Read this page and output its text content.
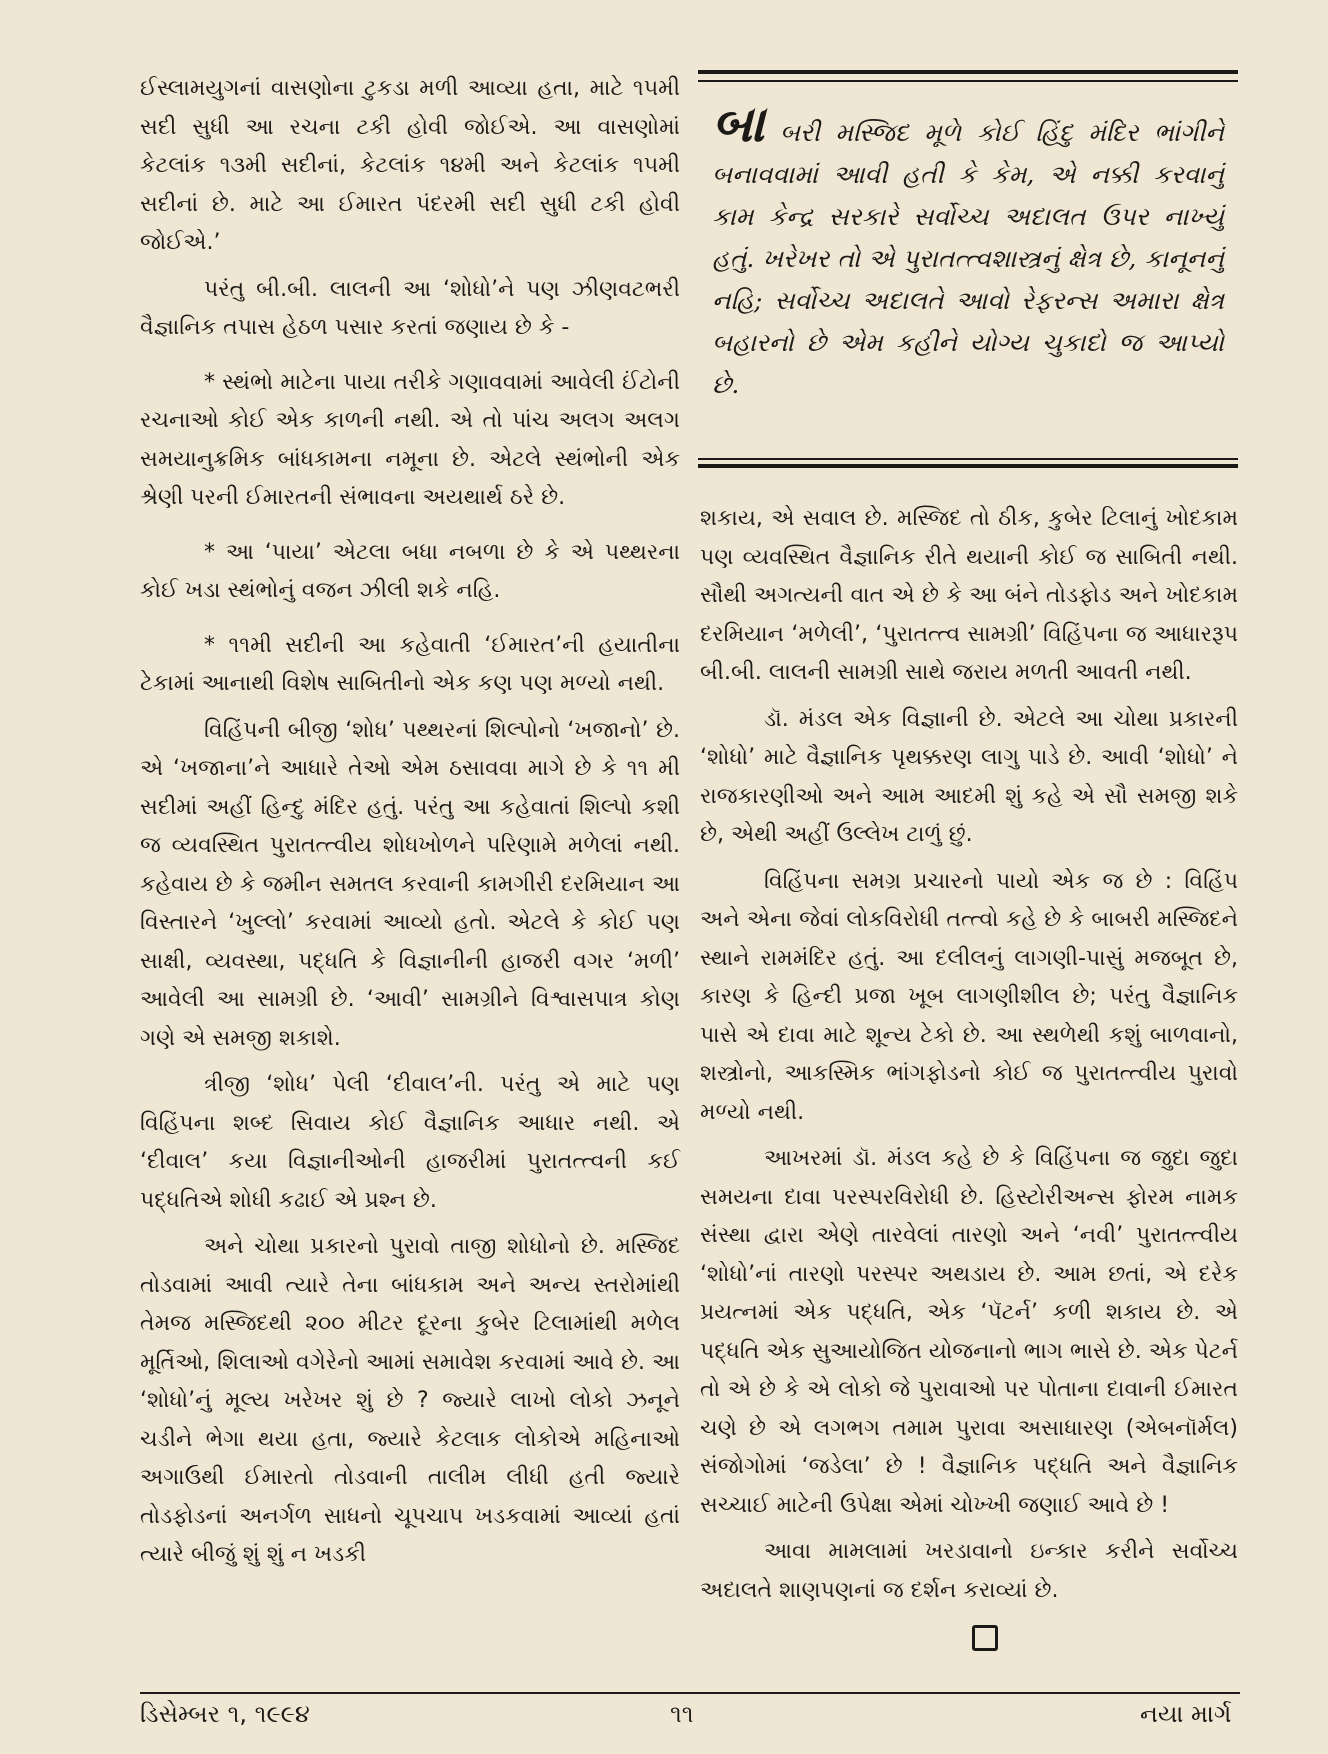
ઈસ્લામયુગનાં વાસણોના ટુકડા મળી આવ્યા હતા, માટે ૧૫મી સદી સુધી આ રચના ટકી હોવી જોઈએ. આ વાસણોમાં કેટલાંક ૧૩મી સદીનાં, કેટલાંક ૧૪મી અને કેટલાંક ૧૫મી સદીનાં છે. માટે આ ઈમારત પંદરમી સદી સુધી ટકી હોવી જોઈએ.’

પરંતુ બી.બી. લાલની આ ‘શોધો’ને પણ ઝીણવટભરી વૈજ્ઞાનિક તપાસ હેઠળ પસાર કરતાં જણાય છે કે -

* સ્થંભો માટેના પાયા તરીકે ગણાવવામાં આવેલી ઈંટોની રચનાઓ કોઈ એક કાળની નથી. એ તો પાંચ અલગ અલગ સમયાનુક્રમિક બાંધકામના નમૂના છે. એટલે સ્થંભોની એક શ્રેણી પરની ઈમારતની સંભાવના અયથાર્થ ઠરે છે.

* આ ‘પાયા’ એટલા બધા નબળા છે કે એ પથ્થરના કોઈ ખડા સ્થંભોનું વજન ઝીલી શકે નહિ.

* ૧૧મી સદીની આ કહેવાતી ‘ઈમારત’ની હયાતીના ટેકામાં આનાથી વિશેષ સાબિતીનો એક કણ પણ મળ્યો નથી.

વિહિંપની બીજી ‘શોધ’ પથ્થરનાં શિલ્પોનો ‘ખજાનો’ છે. એ ‘ખજાના’ને આધારે તેઓ એમ ઠસાવવા માગે છે કે ૧૧ મી સદીમાં અહીં હિન્દુ મંદિર હતું. પરંતુ આ કહેવાતાં શિલ્પો કશી જ વ્યવસ્થિત પુરાતત્ત્વીય શોધખોળને પરિણામે મળેલાં નથી. કહેવાય છે કે જમીન સમતલ કરવાની કામગીરી દરમિયાન આ વિસ્તારને ‘ખુલ્લો’ કરવામાં આવ્યો હતો. એટલે કે કોઈ પણ સાક્ષી, વ્યવસ્થા, પદ્ધતિ કે વિજ્ઞાનીની હાજરી વગર ‘મળી’ આવેલી આ સામગ્રી છે. ‘આવી’ સામગ્રીને વિશ્વાસપાત્ર કોણ ગણે એ સમજી શકાશે.

ત્રીજી ‘શોધ’ પેલી ‘દીવાલ’ની. પરંતુ એ માટે પણ વિહિંપના શબ્દ સિવાય કોઈ વૈજ્ઞાનિક આધાર નથી. એ ‘દીવાલ’ કયા વિજ્ઞાનીઓની હાજરીમાં પુરાતત્ત્વની કઈ પદ્ધતિએ શોધી કઢાઈ એ પ્રશ્ન છે.

અને ચોથા પ્રકારનો પુરાવો તાજી શોધોનો છે. મસ્જિદ તોડવામાં આવી ત્યારે તેના બાંધકામ અને અન્ય સ્તરોમાંથી તેમજ મસ્જિદથી ૨૦૦ મીટર દૂરના કુબેર ટિલામાંથી મળેલ મૂર્તિઓ, શિલાઓ વગેરેનો આમાં સમાવેશ કરવામાં આવે છે. આ ‘શોધો’નું મૂલ્ય ખરેખર શું છે ? જ્યારે લાખો લોકો ઝનૂને ચડીને ભેગા થયા હતા, જ્યારે કેટલાક લોકોએ મહિનાઓ અગાઉથી ઈમારતો તોડવાની તાલીમ લીધી હતી જ્યારે તોડફોડનાં અનર્ગળ સાધનો ચૂપચાપ ખડકવામાં આવ્યાં હતાં ત્યારે બીજું શું શું ન ખડકી

બા બરી મસ્જિદ મૂળે કોઈ હિંદુ મંદિર ભાંગીને બનાવવામાં આવી હતી કે કેમ, એ નક્કી કરવાનું કામ કેન્દ્ર સરકારે સર્વોચ્ચ અદાલત ઉપર નાખ્યું હતું. ખરેખર તો એ પુરાતત્ત્વશાસ્ત્રનું ક્ષેત્ર છે, કાનૂનનું નહિ; સર્વોચ્ચ અદાલતે આવો રેફરન્સ અમારા ક્ષેત્ર બહારનો છે એમ કહીને યોગ્ય ચુકાદો જ આપ્યો છે.

શકાય, એ સવાલ છે. મસ્જિદ તો ઠીક, કુબેર ટિલાનું ખોદકામ પણ વ્યવસ્થિત વૈજ્ઞાનિક રીતે થયાની કોઈ જ સાબિતી નથી. સૌથી અગત્યની વાત એ છે કે આ બંને તોડફોડ અને ખોદકામ દરમિયાન ‘મળેલી’, ‘પુરાતત્ત્વ સામગ્રી’ વિહિંપના જ આધારરૂપ બી.બી. લાલની સામગ્રી સાથે જરાય મળતી આવતી નથી.

ડૉ. મંડલ એક વિજ્ઞાની છે. એટલે આ ચોથા પ્રકારની ‘શોધો’ માટે વૈજ્ઞાનિક પૃથક્કરણ લાગુ પાડે છે. આવી ‘શોધો’ ને રાજકારણીઓ અને આમ આદમી શું કહે એ સૌ સમજી શકે છે, એથી અહીં ઉલ્લેખ ટાળું છું.

વિહિંપના સમગ્ર પ્રચારનો પાયો એક જ છે : વિહિંપ અને એના જેવાં લોકવિરોધી તત્ત્વો કહે છે કે બાબરી મસ્જિદને સ્થાને રામમંદિર હતું. આ દલીલનું લાગણી-પાસું મજબૂત છે, કારણ કે હિન્દી પ્રજા ખૂબ લાગણીશીલ છે; પરંતુ વૈજ્ઞાનિક પાસે એ દાવા માટે શૂન્ય ટેકો છે. આ સ્થળેથી કશું બાળવાનો, શસ્ત્રોનો, આકસ્મિક ભાંગફોડનો કોઈ જ પુરાતત્ત્વીય પુરાવો મળ્યો નથી.

આખરમાં ડૉ. મંડલ કહે છે કે વિહિંપના જ જુદા જુદા સમયના દાવા પરસ્પરવિરોધી છે. હિસ્ટોરીઅન્સ ફોરમ નામક સંસ્થા દ્વારા એણે તારવેલાં તારણો અને ‘નવી’ પુરાતત્ત્વીય ‘શોધો’નાં તારણો પરસ્પર અથડાય છે. આમ છતાં, એ દરેક પ્રયત્નમાં એક પદ્ધતિ, એક ‘પૅટર્ન’ કળી શકાય છે. એ પદ્ધતિ એક સુઆયોજિત યોજનાનો ભાગ ભાસે છે. એક પેટર્ન તો એ છે કે એ લોકો જે પુરાવાઓ પર પોતાના દાવાની ઈમારત ચણે છે એ લગભગ તમામ પુરાવા અસાધારણ (એબનૉર્મલ) સંજોગોમાં ‘જડેલા’ છે ! વૈજ્ઞાનિક પદ્ધતિ અને વૈજ્ઞાનિક સચ્ચાઈ માટેની ઉપેક્ષા એમાં ચોખ્ખી જણાઈ આવે છે !

આવા મામલામાં ખરડાવાનો ઇન્કાર કરીને સર્વોચ્ચ અદાલતે શાણપણનાં જ દર્શન કરાવ્યાં છે.

ડિસેમ્બર ૧, ૧૯૯૪	૧૧	નયા માર્ગ
